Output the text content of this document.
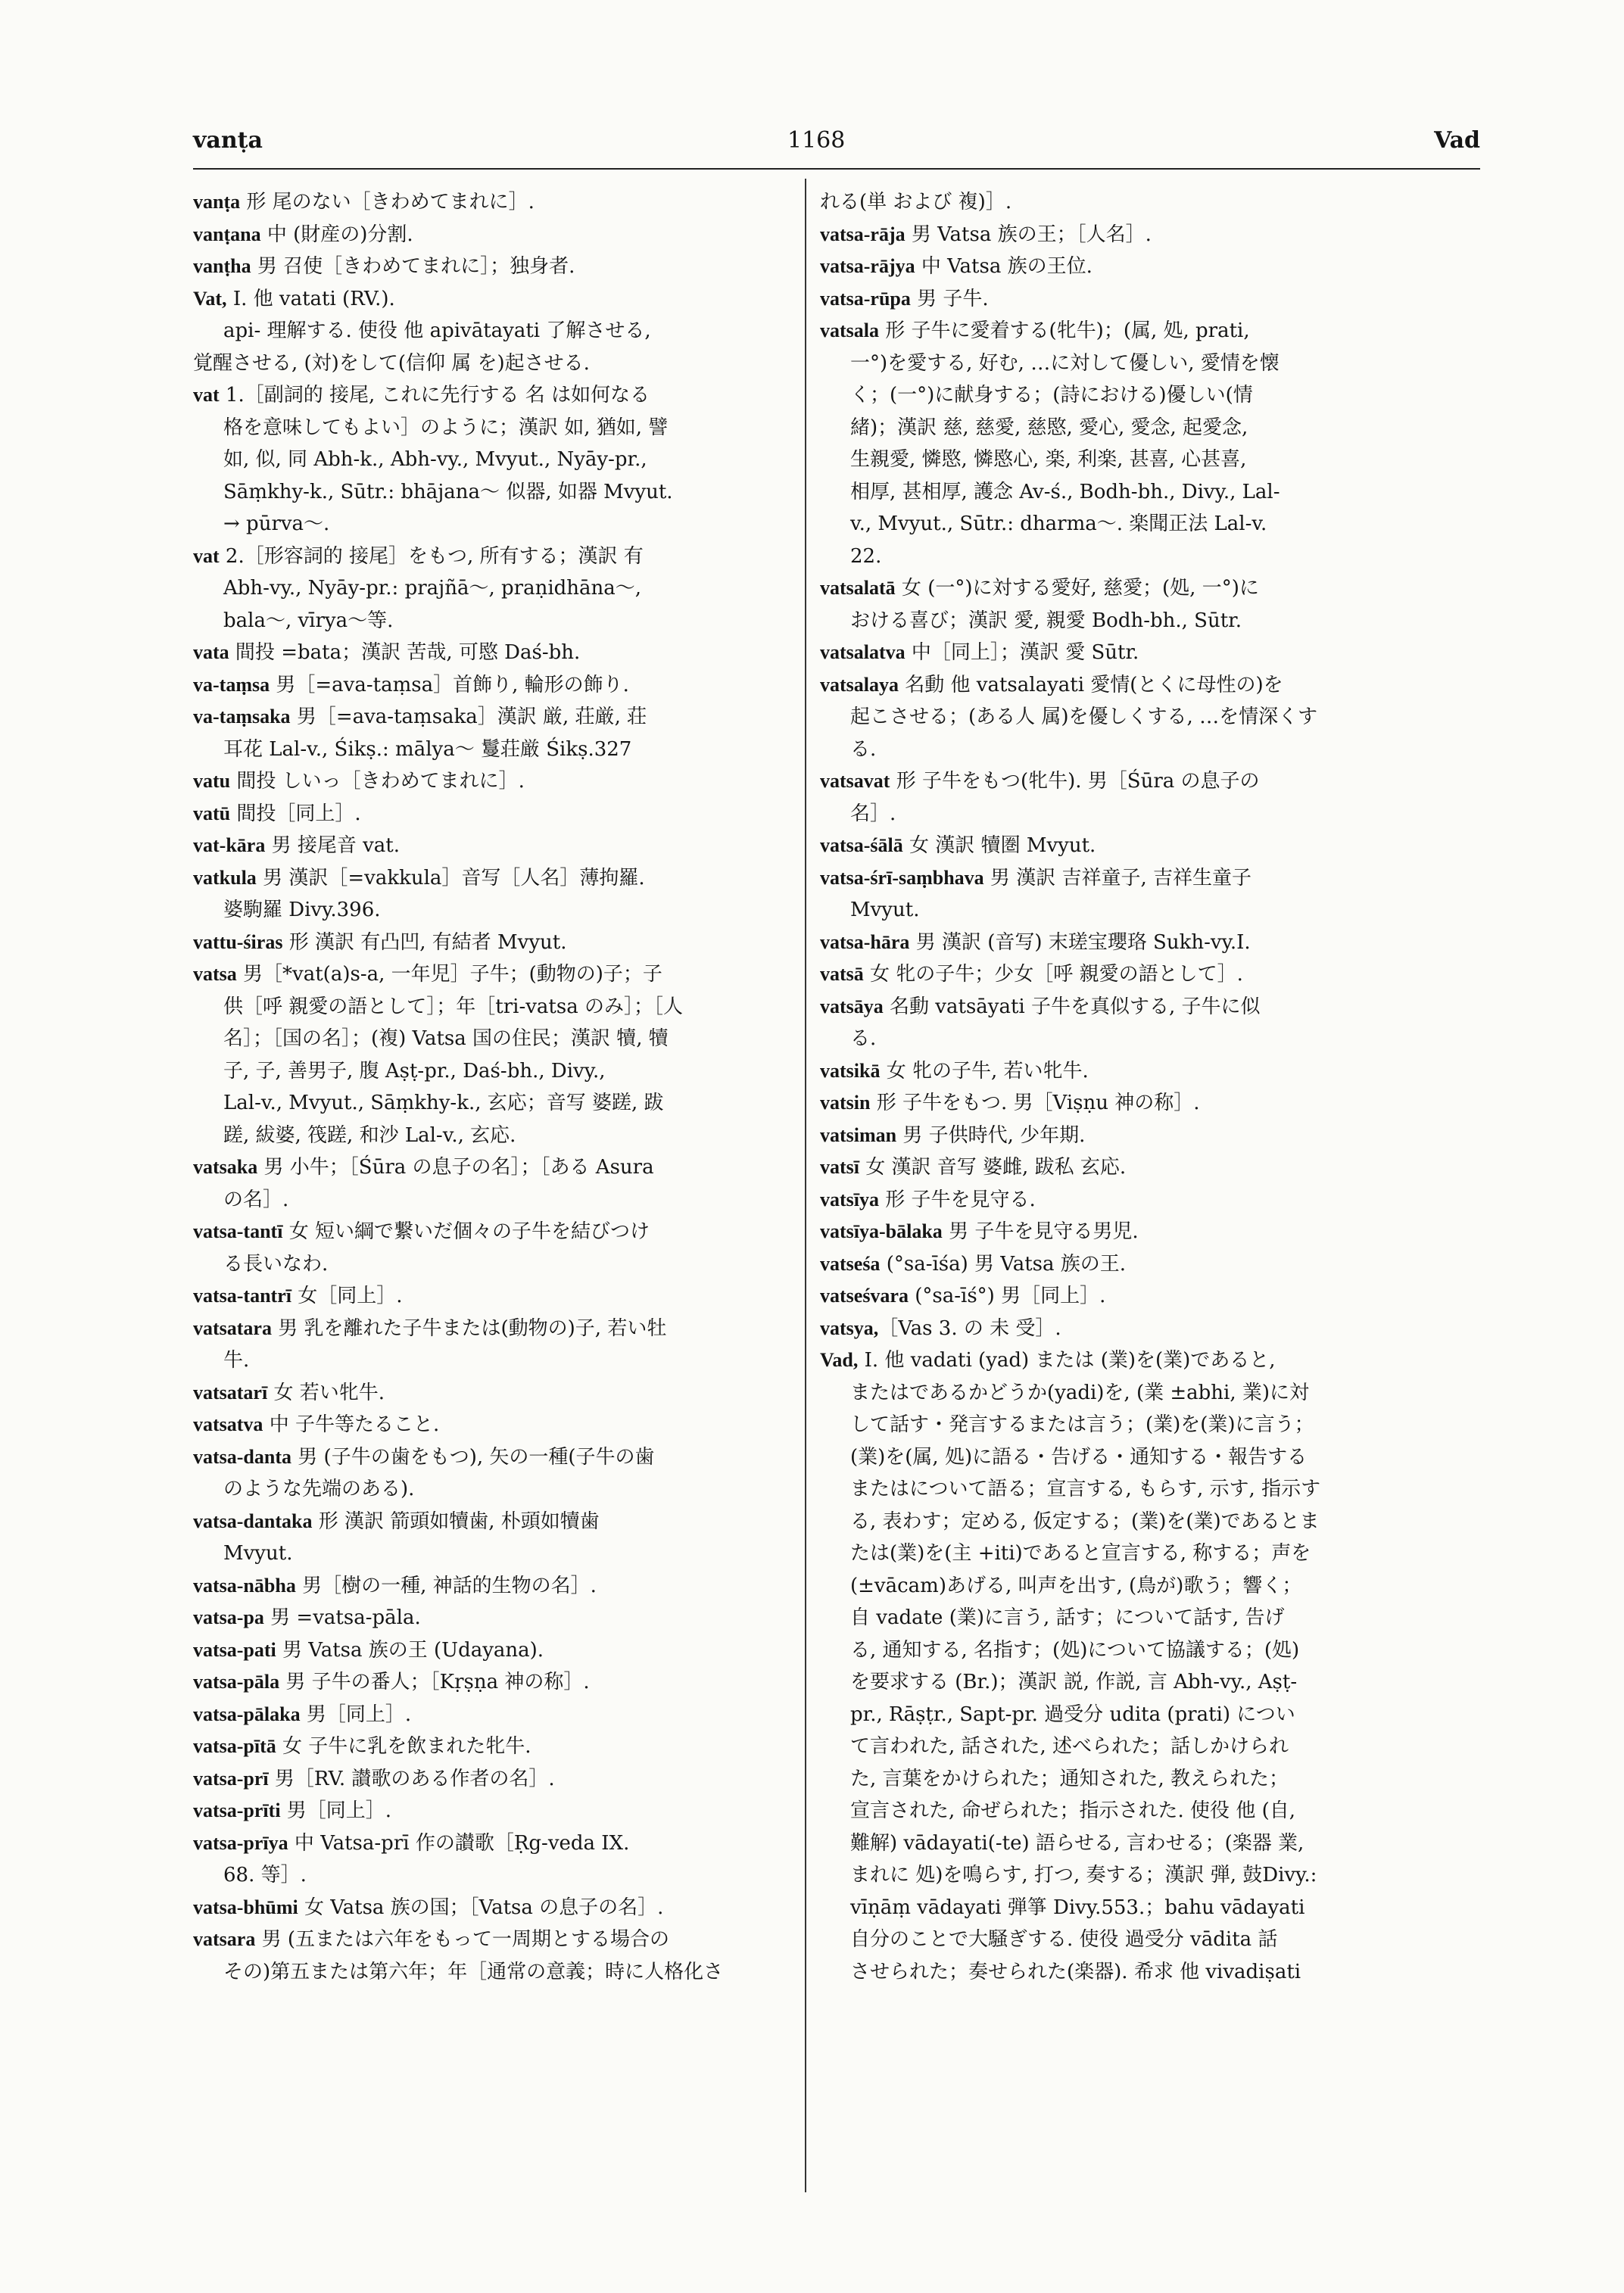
vanṭa	1168	Vad
vanṭa 形 尾のない［きわめてまれに］.
vanṭana 中 (財産の)分割.
vanṭha 男 召使［きわめてまれに］；独身者.
Vat, I. 他 vatati (RV.).
api- 理解する. 使役 他 apivātayati 了解させる,
覚醒させる, (対)をして(信仰 属 を)起させる.
vat 1.［副詞的 接尾, これに先行する 名 は如何なる
格を意味してもよい］のように；漢訳 如, 猶如, 譬
如, 似, 同 Abh-k., Abh-vy., Mvyut., Nyāy-pr.,
Sāṃkhy-k., Sūtr.: bhājana～ 似器, 如器 Mvyut.
→ pūrva～.
vat 2.［形容詞的 接尾］をもつ, 所有する；漢訳 有
Abh-vy., Nyāy-pr.: prajñā～, praṇidhāna～,
bala～, vīrya～等.
vata 間投 =bata；漢訳 苦哉, 可愍 Daś-bh.
va-taṃsa 男［=ava-taṃsa］首飾り, 輪形の飾り.
va-taṃsaka 男［=ava-taṃsaka］漢訳 厳, 荘厳, 荘
耳花 Lal-v., Śikṣ.: mālya～ 鬘荘厳 Śikṣ.327
vatu 間投 しいっ［きわめてまれに］.
vatū 間投［同上］.
vat-kāra 男 接尾音 vat.
vatkula 男 漢訳［=vakkula］音写［人名］薄拘羅.
婆駒羅 Divy.396.
vattu-śiras 形 漢訳 有凸凹, 有結者 Mvyut.
vatsa 男［*vat(a)s-a, 一年児］子牛；(動物の)子；子
供［呼 親愛の語として］；年［tri-vatsa のみ］；［人
名］；［国の名］；(複) Vatsa 国の住民；漢訳 犢, 犢
子, 子, 善男子, 腹 Aṣṭ-pr., Daś-bh., Divy.,
Lal-v., Mvyut., Sāṃkhy-k., 玄応；音写 婆蹉, 跋
蹉, 紱婆, 筏蹉, 和沙 Lal-v., 玄応.
vatsaka 男 小牛；［Śūra の息子の名］；［ある Asura
の名］.
vatsa-tantī 女 短い綱で繋いだ個々の子牛を結びつけ
る長いなわ.
vatsa-tantrī 女［同上］.
vatsatara 男 乳を離れた子牛または(動物の)子, 若い牡
牛.
vatsatarī 女 若い牝牛.
vatsatva 中 子牛等たること.
vatsa-danta 男 (子牛の歯をもつ), 矢の一種(子牛の歯
のような先端のある).
vatsa-dantaka 形 漢訳 箭頭如犢歯, 朴頭如犢歯
Mvyut.
vatsa-nābha 男［樹の一種, 神話的生物の名］.
vatsa-pa 男 =vatsa-pāla.
vatsa-pati 男 Vatsa 族の王 (Udayana).
vatsa-pāla 男 子牛の番人；［Kṛṣṇa 神の称］.
vatsa-pālaka 男［同上］.
vatsa-pītā 女 子牛に乳を飲まれた牝牛.
vatsa-prī 男［RV. 讃歌のある作者の名］.
vatsa-prīti 男［同上］.
vatsa-prīya 中 Vatsa-prī 作の讃歌［Ṛg-veda IX.
68. 等］.
vatsa-bhūmi 女 Vatsa 族の国；［Vatsa の息子の名］.
vatsara 男 (五または六年をもって一周期とする場合の
その)第五または第六年；年［通常の意義；時に人格化さ
れる(単 および 複)］.
vatsa-rāja 男 Vatsa 族の王；［人名］.
vatsa-rājya 中 Vatsa 族の王位.
vatsa-rūpa 男 子牛.
vatsala 形 子牛に愛着する(牝牛)；(属, 処, prati,
一°)を愛する, 好む, …に対して優しい, 愛情を懐
く；(一°)に献身する；(詩における)優しい(情
緒)；漢訳 慈, 慈愛, 慈愍, 愛心, 愛念, 起愛念,
生親愛, 憐愍, 憐愍心, 楽, 利楽, 甚喜, 心甚喜,
相厚, 甚相厚, 護念 Av-ś., Bodh-bh., Divy., Lal-
v., Mvyut., Sūtr.: dharma～. 楽聞正法 Lal-v.
22.
vatsalatā 女 (一°)に対する愛好, 慈愛；(処, 一°)に
おける喜び；漢訳 愛, 親愛 Bodh-bh., Sūtr.
vatsalatva 中［同上］；漢訳 愛 Sūtr.
vatsalaya 名動 他 vatsalayati 愛情(とくに母性の)を
起こさせる；(ある人 属)を優しくする, …を情深くす
る.
vatsavat 形 子牛をもつ(牝牛). 男［Śūra の息子の
名］.
vatsa-śālā 女 漢訳 犢圏 Mvyut.
vatsa-śrī-saṃbhava 男 漢訳 吉祥童子, 吉祥生童子
Mvyut.
vatsa-hāra 男 漢訳 (音写) 末瑳宝瓔珞 Sukh-vy.I.
vatsā 女 牝の子牛；少女［呼 親愛の語として］.
vatsāya 名動 vatsāyati 子牛を真似する, 子牛に似
る.
vatsikā 女 牝の子牛, 若い牝牛.
vatsin 形 子牛をもつ. 男［Viṣṇu 神の称］.
vatsiman 男 子供時代, 少年期.
vatsī 女 漢訳 音写 婆雌, 跋私 玄応.
vatsīya 形 子牛を見守る.
vatsīya-bālaka 男 子牛を見守る男児.
vatseśa (°sa-īśa) 男 Vatsa 族の王.
vatseśvara (°sa-īś°) 男［同上］.
vatsya,［Vas 3. の 未 受］.
Vad, I. 他 vadati (yad) または (業)を(業)であると,
またはであるかどうか(yadi)を, (業 ±abhi, 業)に対
して話す・発言するまたは言う；(業)を(業)に言う；
(業)を(属, 処)に語る・告げる・通知する・報告する
またはについて語る；宣言する, もらす, 示す, 指示す
る, 表わす；定める, 仮定する；(業)を(業)であるとま
たは(業)を(主 +iti)であると宣言する, 称する；声を
(±vācam)あげる, 叫声を出す, (鳥が)歌う；響く；
自 vadate (業)に言う, 話す；について話す, 告げ
る, 通知する, 名指す；(処)について協議する；(処)
を要求する (Br.)；漢訳 説, 作説, 言 Abh-vy., Aṣṭ-
pr., Rāṣṭr., Sapt-pr. 過受分 udita (prati) につい
て言われた, 話された, 述べられた；話しかけられ
た, 言葉をかけられた；通知された, 教えられた；
宣言された, 命ぜられた；指示された. 使役 他 (自,
難解) vādayati(-te) 語らせる, 言わせる；(楽器 業,
まれに 処)を鳴らす, 打つ, 奏する；漢訳 弾, 鼓Divy.:
vīṇāṃ vādayati 弾箏 Divy.553.；bahu vādayati
自分のことで大騒ぎする. 使役 過受分 vādita 話
させられた；奏せられた(楽器). 希求 他 vivadiṣati
